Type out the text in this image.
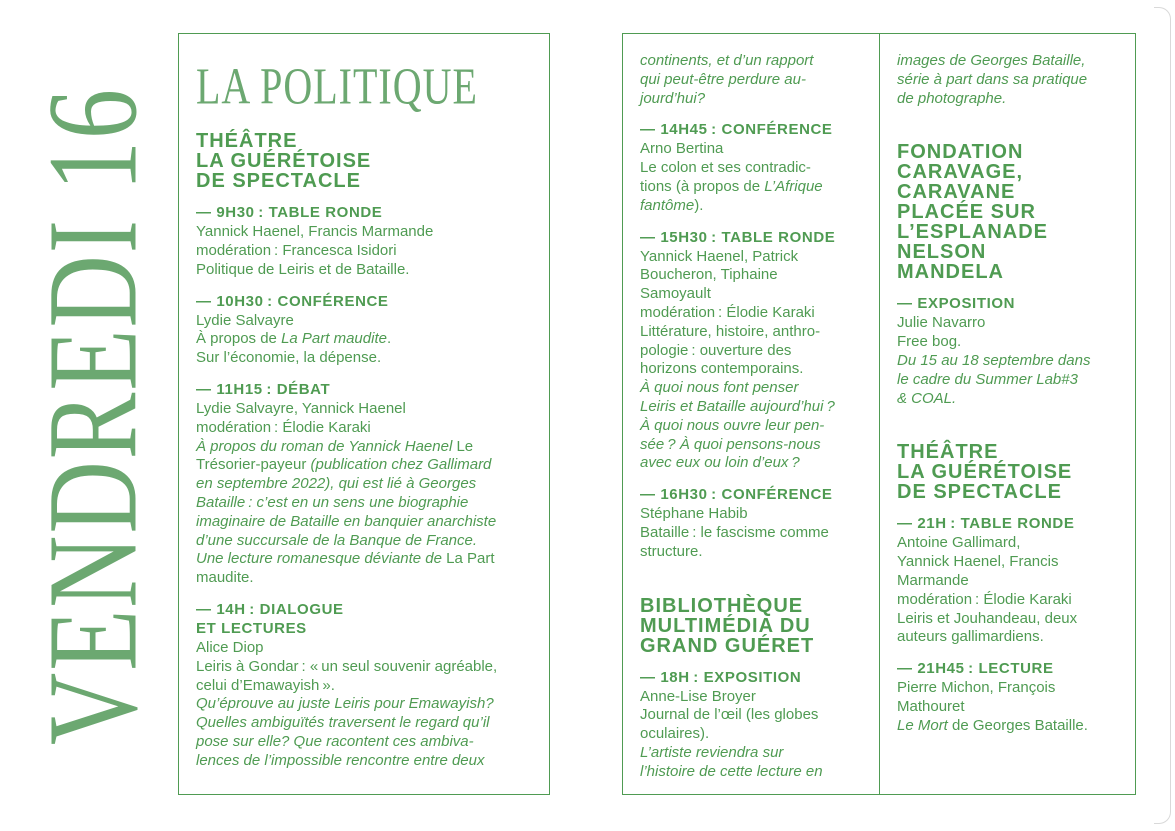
VENDREDI 16
LA POLITIQUE
THÉÂTRE
LA GUÉRÉTOISE
DE SPECTACLE
— 9H30 : TABLE RONDE

Yannick Haenel, Francis Marmande

modération : Francesca Isidori

Politique de Leiris et de Bataille.

— 10H30 : CONFÉRENCE

Lydie Salvayre

À propos de La Part maudite.

Sur l’économie, la dépense.

— 11H15 : DÉBAT

Lydie Salvayre, Yannick Haenel

modération : Élodie Karaki

À propos du roman de Yannick Haenel Le

Trésorier-payeur (publication chez Gallimard

en septembre 2022), qui est lié à Georges

Bataille : c’est en un sens une biographie

imaginaire de Bataille en banquier anarchiste

d’une succursale de la Banque de France.

Une lecture romanesque déviante de La Part

maudite.

— 14H : DIALOGUE
ET LECTURES

Alice Diop

Leiris à Gondar : « un seul souvenir agréable,

celui d’Emawayish ».

Qu’éprouve au juste Leiris pour Emawayish?

Quelles ambiguïtés traversent le regard qu’il

pose sur elle? Que racontent ces ambiva-

lences de l’impossible rencontre entre deux

continents, et d’un rapport

qui peut-être perdure au-

jourd’hui?

— 14H45 : CONFÉRENCE

Arno Bertina

Le colon et ses contradic-

tions (à propos de L’Afrique

fantôme).

— 15H30 : TABLE RONDE

Yannick Haenel, Patrick

Boucheron, Tiphaine

Samoyault

modération : Élodie Karaki

Littérature, histoire, anthro-

pologie : ouverture des

horizons contemporains.

À quoi nous font penser

Leiris et Bataille aujourd’hui ?

À quoi nous ouvre leur pen-

sée ? À quoi pensons-nous

avec eux ou loin d’eux ?

— 16H30 : CONFÉRENCE

Stéphane Habib

Bataille : le fascisme comme

structure.

BIBLIOTHÈQUE
MULTIMÉDIA DU
GRAND GUÉRET
— 18H : EXPOSITION

Anne-Lise Broyer

Journal de l’œil (les globes

oculaires).

L’artiste reviendra sur

l’histoire de cette lecture en

images de Georges Bataille,

série à part dans sa pratique

de photographe.

FONDATION
CARAVAGE,
CARAVANE
PLACÉE SUR
L’ESPLANADE
NELSON
MANDELA
— EXPOSITION

Julie Navarro

Free bog.

Du 15 au 18 septembre dans

le cadre du Summer Lab#3

& COAL.

THÉÂTRE
LA GUÉRÉTOISE
DE SPECTACLE
— 21H : TABLE RONDE

Antoine Gallimard,

Yannick Haenel, Francis

Marmande

modération : Élodie Karaki

Leiris et Jouhandeau, deux

auteurs gallimardiens.

— 21H45 : LECTURE

Pierre Michon, François

Mathouret

Le Mort de Georges Bataille.
